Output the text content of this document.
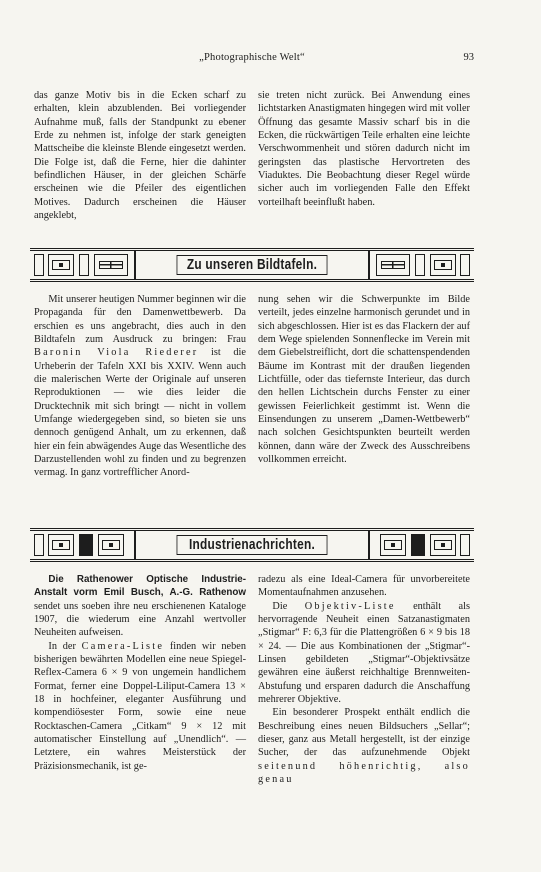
„Photographische Welt“	93

das ganze Motiv bis in die Ecken scharf zu erhalten, klein abzublenden. Bei vorliegender Aufnahme muß, falls der Standpunkt zu ebener Erde zu nehmen ist, infolge der stark geneigten Mattscheibe die kleinste Blende eingesetzt werden. Die Folge ist, daß die Ferne, hier die dahinter befindlichen Häuser, in der gleichen Schärfe erscheinen wie die Pfeiler des eigentlichen Motives. Dadurch erscheinen die Häuser angeklebt,

sie treten nicht zurück. Bei Anwendung eines lichtstarken Anastigmaten hingegen wird mit voller Öffnung das gesamte Massiv scharf bis in die Ecken, die rückwärtigen Teile erhalten eine leichte Verschwommenheit und stören dadurch nicht im geringsten das plastische Hervortreten des Viaduktes. Die Beobachtung dieser Regel würde sicher auch im vorliegenden Falle den Effekt vorteilhaft beeinflußt haben.

Zu unseren Bildtafeln.

Mit unserer heutigen Nummer beginnen wir die Propaganda für den Damenwettbewerb. Da erschien es uns angebracht, dies auch in den Bildtafeln zum Ausdruck zu bringen: Frau Baronin Viola Riederer ist die Urheberin der Tafeln XXI bis XXIV. Wenn auch die malerischen Werte der Originale auf unseren Reproduktionen — wie dies leider die Drucktechnik mit sich bringt — nicht in vollem Umfange wiedergegeben sind, so bieten sie uns dennoch genügend Anhalt, um zu erkennen, daß hier ein fein abwägendes Auge das Wesentliche des Darzustellenden wohl zu finden und zu begrenzen vermag. In ganz vortrefflicher Anord-

nung sehen wir die Schwerpunkte im Bilde verteilt, jedes einzelne harmonisch gerundet und in sich abgeschlossen. Hier ist es das Flackern der auf dem Wege spielenden Sonnenflecke im Verein mit dem Giebelstreiflicht, dort die schattenspendenden Bäume im Kontrast mit der draußen liegenden Lichtfülle, oder das tiefernste Interieur, das durch den hellen Lichtschein durchs Fenster zu einer gewissen Feierlichkeit gestimmt ist. Wenn die Einsendungen zu unserem „Damen-Wettbewerb“ nach solchen Gesichtspunkten beurteilt werden können, dann wäre der Zweck des Ausschreibens vollkommen erreicht.

Industrienachrichten.

Die Rathenower Optische Industrie-Anstalt vorm Emil Busch, A.-G. Rathenow sendet uns soeben ihre neu erschienenen Kataloge 1907, die wiederum eine Anzahl wertvoller Neuheiten aufweisen.

In der Camera-Liste finden wir neben bisherigen bewährten Modellen eine neue Spiegel-Reflex-Camera 6 × 9 von ungemein handlichem Format, ferner eine Doppel-Liliput-Camera 13 × 18 in hochfeiner, eleganter Ausführung und kompendiösester Form, sowie eine neue Rocktaschen-Camera „Citkam“ 9 × 12 mit automatischer Einstellung auf „Unendlich“. — Letztere, ein wahres Meisterstück der Präzisionsmechanik, ist ge-

radezu als eine Ideal-Camera für unvorbereitete Momentaufnahmen anzusehen.

Die Objektiv-Liste enthält als hervorragende Neuheit einen Satzanastigmaten „Stigmar“ F: 6,3 für die Plattengrößen 6 × 9 bis 18 × 24. — Die aus Kombinationen der „Stigmar“-Linsen gebildeten „Stigmar“-Objektivsätze gewähren eine äußerst reichhaltige Brennweiten-Abstufung und ersparen dadurch die Anschaffung mehrerer Objektive.

Ein besonderer Prospekt enthält endlich die Beschreibung eines neuen Bildsuchers „Sellar“; dieser, ganz aus Metall hergestellt, ist der einzige Sucher, der das aufzunehmende Objekt seitenund höhenrichtig, also genau
